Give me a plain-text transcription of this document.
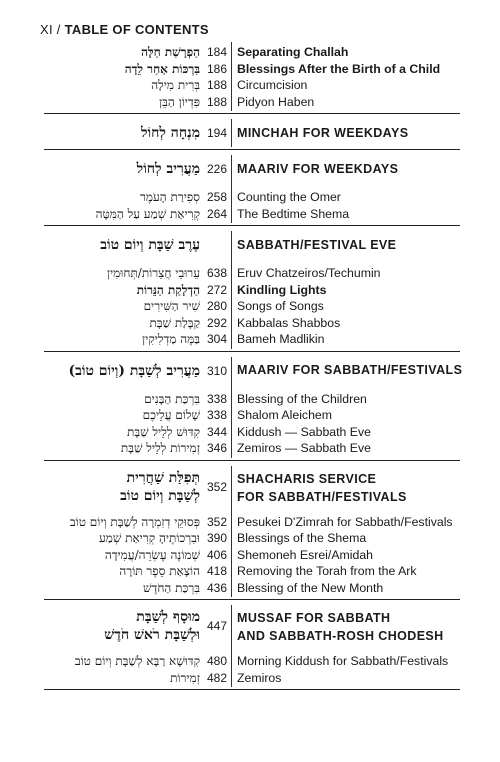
XI / TABLE OF CONTENTS
הַפְרָשַׁת חַלָּה 184 Separating Challah
בִּרְכּוֹת אַחַר לֵדָה 186 Blessings After the Birth of a Child
בְּרִית מִילָה 188 Circumcision
פִּדְיוֹן הַבֵּן 188 Pidyon Haben
מִנְחָה לְחוֹל 194 MINCHAH FOR WEEKDAYS
מַעֲרִיב לְחוֹל 226 MAARIV FOR WEEKDAYS
סְפִירַת הָעֹמֶר 258 Counting the Omer
קְרִיאַת שְׁמַע עַל הַמִּטָּה 264 The Bedtime Shema
עֶרֶב שַׁבָּת וְיוֹם טוֹב	SABBATH/FESTIVAL EVE
עֵרוּבֵי חֲצֵרוֹת/תְּחוּמִין 638 Eruv Chatzeiros/Techumin
הַדְלָקַת הַנֵּרוֹת 272 Kindling Lights
שִׁיר הַשִּׁירִים 280 Songs of Songs
קַבָּלַת שַׁבָּת 292 Kabbalas Shabbos
בַּמֶּה מַדְלִיקִין 304 Bameh Madlikin
מַעֲרִיב לְשַׁבָּת (וְיוֹם טוֹב) 310 MAARIV FOR SABBATH/FESTIVALS
בִּרְכַּת הַבָּנִים 338 Blessing of the Children
שָׁלוֹם עֲלֵיכֶם 338 Shalom Aleichem
קִדּוּשׁ לְלֵיל שַׁבָּת 344 Kiddush — Sabbath Eve
זְמִירוֹת לְלֵיל שַׁבָּת 346 Zemiros — Sabbath Eve
תְּפִלַּת שַׁחֲרִית
לְשַׁבָּת וְיוֹם טוֹב
352
SHACHARIS SERVICE
FOR SABBATH/FESTIVALS
פְּסוּקֵי דְזִמְרָה לְשַׁבָּת וְיוֹם טוֹב 352 Pesukei D'Zimrah for Sabbath/Festivals
וּבִרְכוֹתֶיהָ קְרִיאַת שְׁמַע 390 Blessings of the Shema
שְׁמוֹנֶה עֶשְׂרֵה/עֲמִידָה 406 Shemoneh Esrei/Amidah
הוֹצָאַת סֵפֶר תּוֹרָה 418 Removing the Torah from the Ark
בִּרְכַּת הַחֹדֶשׁ 436 Blessing of the New Month
מוּסָף לְשַׁבָּת
וּלְשַׁבָּת רֹאשׁ חֹדֶשׁ
447
MUSSAF FOR SABBATH
AND SABBATH-ROSH CHODESH
קִדּוּשָׁא רַבָּא לְשַׁבָּת וְיוֹם טוֹב 480 Morning Kiddush for Sabbath/Festivals
זְמִירוֹת 482 Zemiros
